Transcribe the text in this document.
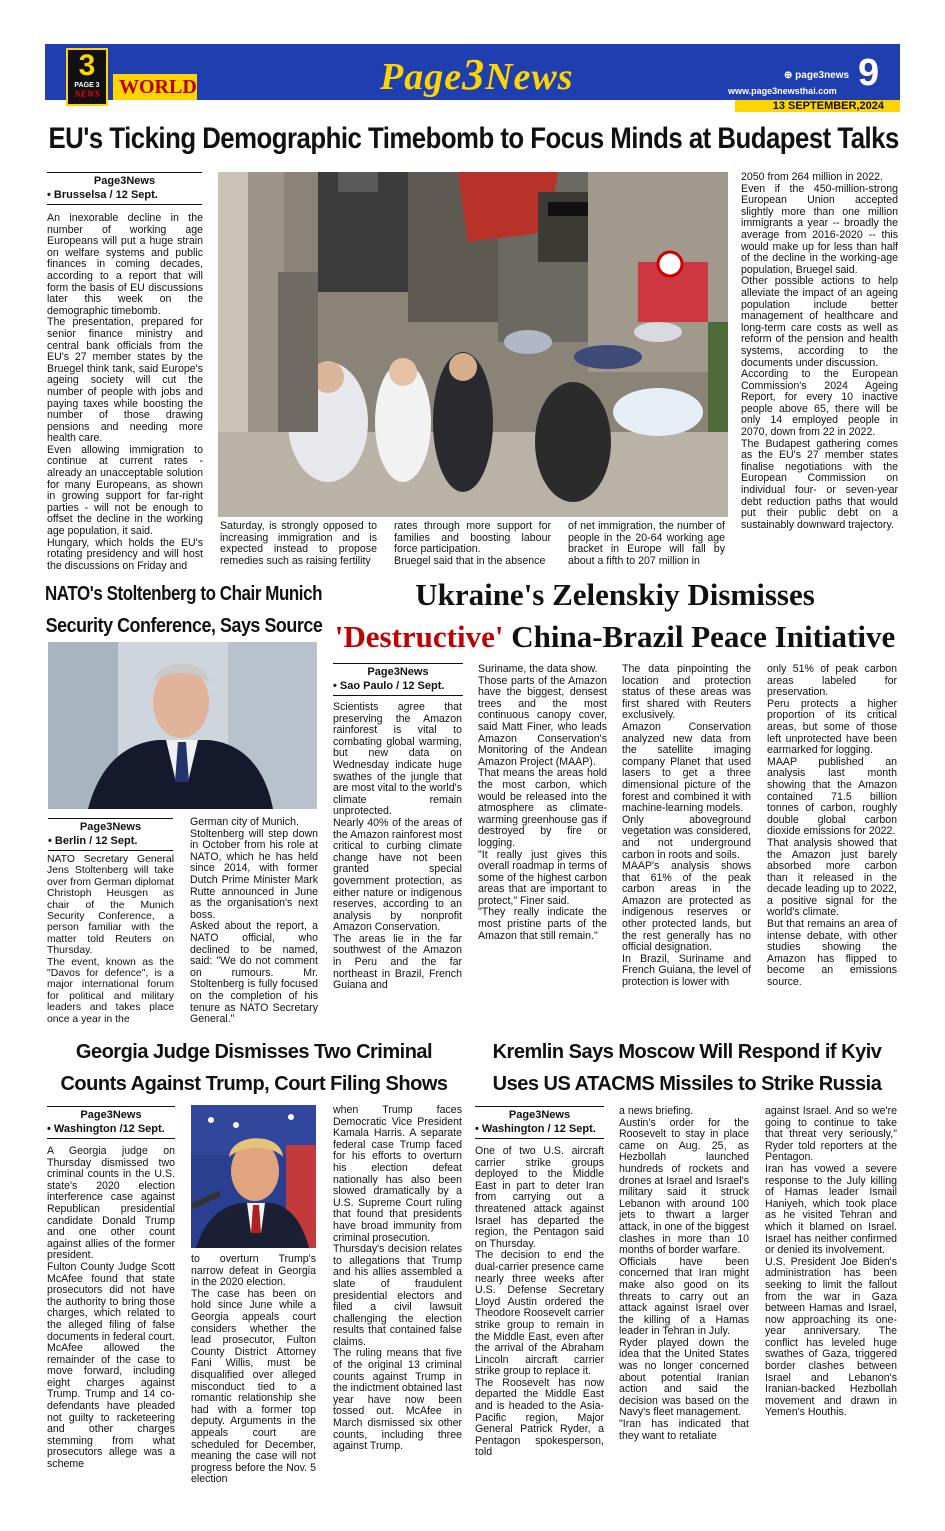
3
PAGE 3
NEWS WORLD	Page3News	⊕ page3news
www.page3newsthai.com 9
13 SEPTEMBER,2024
EU's Ticking Demographic Timebomb to Focus Minds at Budapest Talks
Page3News
• Brusselsa / 12 Sept.

An inexorable decline in the number of working age Europeans will put a huge strain on welfare systems and public finances in coming decades, according to a report that will form the basis of EU discussions later this week on the demographic timebomb.
The presentation, prepared for senior finance ministry and central bank officials from the EU's 27 member states by the Bruegel think tank, said Europe's ageing society will cut the number of people with jobs and paying taxes while boosting the number of those drawing pensions and needing more health care.
Even allowing immigration to continue at current rates - already an unacceptable solution for many Europeans, as shown in growing support for far-right parties - will not be enough to offset the decline in the working age population, it said.
Hungary, which holds the EU's rotating presidency and will host the discussions on Friday and

Saturday, is strongly opposed to increasing immigration and is expected instead to propose remedies such as raising fertility

rates through more support for families and boosting labour force participation.
Bruegel said that in the absence

of net immigration, the number of people in the 20-64 working age bracket in Europe will fall by about a fifth to 207 million in

2050 from 264 million in 2022.
Even if the 450-million-strong European Union accepted slightly more than one million immigrants a year -- broadly the average from 2016-2020 -- this would make up for less than half of the decline in the working-age population, Bruegel said.
Other possible actions to help alleviate the impact of an ageing population include better management of healthcare and long-term care costs as well as reform of the pension and health systems, according to the documents under discussion.
According to the European Commission's 2024 Ageing Report, for every 10 inactive people above 65, there will be only 14 employed people in 2070, down from 22 in 2022.
The Budapest gathering comes as the EU's 27 member states finalise negotiations with the European Commission on individual four- or seven-year debt reduction paths that would put their public debt on a sustainably downward trajectory.

NATO's Stoltenberg to Chair Munich
Security Conference, Says Source
Page3News
• Berlin / 12 Sept.

NATO Secretary General Jens Stoltenberg will take over from German diplomat Christoph Heusgen as chair of the Munich Security Conference, a person familiar with the matter told Reuters on Thursday.
The event, known as the "Davos for defence", is a major international forum for political and military leaders and takes place once a year in the

German city of Munich.
Stoltenberg will step down in October from his role at NATO, which he has held since 2014, with former Dutch Prime Minister Mark Rutte announced in June as the organisation's next boss.
Asked about the report, a NATO official, who declined to be named, said: "We do not comment on rumours. Mr. Stoltenberg is fully focused on the completion of his tenure as NATO Secretary General."

Ukraine's Zelenskiy Dismisses
'Destructive' China-Brazil Peace Initiative
Page3News
• Sao Paulo / 12 Sept.

Scientists agree that preserving the Amazon rainforest is vital to combating global warming, but new data on Wednesday indicate huge swathes of the jungle that are most vital to the world's climate remain unprotected.
Nearly 40% of the areas of the Amazon rainforest most critical to curbing climate change have not been granted special government protection, as either nature or indigenous reserves, according to an analysis by nonprofit Amazon Conservation.
The areas lie in the far southwest of the Amazon in Peru and the far northeast in Brazil, French Guiana and

Suriname, the data show.
Those parts of the Amazon have the biggest, densest trees and the most continuous canopy cover, said Matt Finer, who leads Amazon Conservation's Monitoring of the Andean Amazon Project (MAAP).
That means the areas hold the most carbon, which would be released into the atmosphere as climate-warming greenhouse gas if destroyed by fire or logging.
"It really just gives this overall roadmap in terms of some of the highest carbon areas that are important to protect," Finer said.
"They really indicate the most pristine parts of the Amazon that still remain."

The data pinpointing the location and protection status of these areas was first shared with Reuters exclusively.
Amazon Conservation analyzed new data from the satellite imaging company Planet that used lasers to get a three dimensional picture of the forest and combined it with machine-learning models.
Only aboveground vegetation was considered, and not underground carbon in roots and soils.
MAAP's analysis shows that 61% of the peak carbon areas in the Amazon are protected as indigenous reserves or other protected lands, but the rest generally has no official designation.
In Brazil, Suriname and French Guiana, the level of protection is lower with

only 51% of peak carbon areas labeled for preservation.
Peru protects a higher proportion of its critical areas, but some of those left unprotected have been earmarked for logging.
MAAP published an analysis last month showing that the Amazon contained 71.5 billion tonnes of carbon, roughly double global carbon dioxide emissions for 2022.
That analysis showed that the Amazon just barely absorbed more carbon than it released in the decade leading up to 2022, a positive signal for the world's climate.
But that remains an area of intense debate, with other studies showing the Amazon has flipped to become an emissions source.

Georgia Judge Dismisses Two Criminal
Counts Against Trump, Court Filing Shows
Page3News
• Washington /12 Sept.

A Georgia judge on Thursday dismissed two criminal counts in the U.S. state's 2020 election interference case against Republican presidential candidate Donald Trump and one other count against allies of the former president.
Fulton County Judge Scott McAfee found that state prosecutors did not have the authority to bring those charges, which related to the alleged filing of false documents in federal court.
McAfee allowed the remainder of the case to move forward, including eight charges against Trump. Trump and 14 co-defendants have pleaded not guilty to racketeering and other charges stemming from what prosecutors allege was a scheme

to overturn Trump's narrow defeat in Georgia in the 2020 election.
The case has been on hold since June while a Georgia appeals court considers whether the lead prosecutor, Fulton County District Attorney Fani Willis, must be disqualified over alleged misconduct tied to a romantic relationship she had with a former top deputy. Arguments in the appeals court are scheduled for December, meaning the case will not progress before the Nov. 5 election

when Trump faces Democratic Vice President Kamala Harris. A separate federal case Trump faced for his efforts to overturn his election defeat nationally has also been slowed dramatically by a U.S. Supreme Court ruling that found that presidents have broad immunity from criminal prosecution.
Thursday's decision relates to allegations that Trump and his allies assembled a slate of fraudulent presidential electors and filed a civil lawsuit challenging the election results that contained false claims.
The ruling means that five of the original 13 criminal counts against Trump in the indictment obtained last year have now been tossed out. McAfee in March dismissed six other counts, including three against Trump.

Kremlin Says Moscow Will Respond if Kyiv
Uses US ATACMS Missiles to Strike Russia
Page3News
• Washington / 12 Sept.

One of two U.S. aircraft carrier strike groups deployed to the Middle East in part to deter Iran from carrying out a threatened attack against Israel has departed the region, the Pentagon said on Thursday.
The decision to end the dual-carrier presence came nearly three weeks after U.S. Defense Secretary Lloyd Austin ordered the Theodore Roosevelt carrier strike group to remain in the Middle East, even after the arrival of the Abraham Lincoln aircraft carrier strike group to replace it.
The Roosevelt has now departed the Middle East and is headed to the Asia-Pacific region, Major General Patrick Ryder, a Pentagon spokesperson, told

a news briefing.
Austin's order for the Roosevelt to stay in place came on Aug. 25, as Hezbollah launched hundreds of rockets and drones at Israel and Israel's military said it struck Lebanon with around 100 jets to thwart a larger attack, in one of the biggest clashes in more than 10 months of border warfare.
Officials have been concerned that Iran might make also good on its threats to carry out an attack against Israel over the killing of a Hamas leader in Tehran in July.
Ryder played down the idea that the United States was no longer concerned about potential Iranian action and said the decision was based on the Navy's fleet management.
"Iran has indicated that they want to retaliate

against Israel. And so we're going to continue to take that threat very seriously," Ryder told reporters at the Pentagon.
Iran has vowed a severe response to the July killing of Hamas leader Ismail Haniyeh, which took place as he visited Tehran and which it blamed on Israel. Israel has neither confirmed or denied its involvement.
U.S. President Joe Biden's administration has been seeking to limit the fallout from the war in Gaza between Hamas and Israel, now approaching its one-year anniversary. The conflict has leveled huge swathes of Gaza, triggered border clashes between Israel and Lebanon's Iranian-backed Hezbollah movement and drawn in Yemen's Houthis.
